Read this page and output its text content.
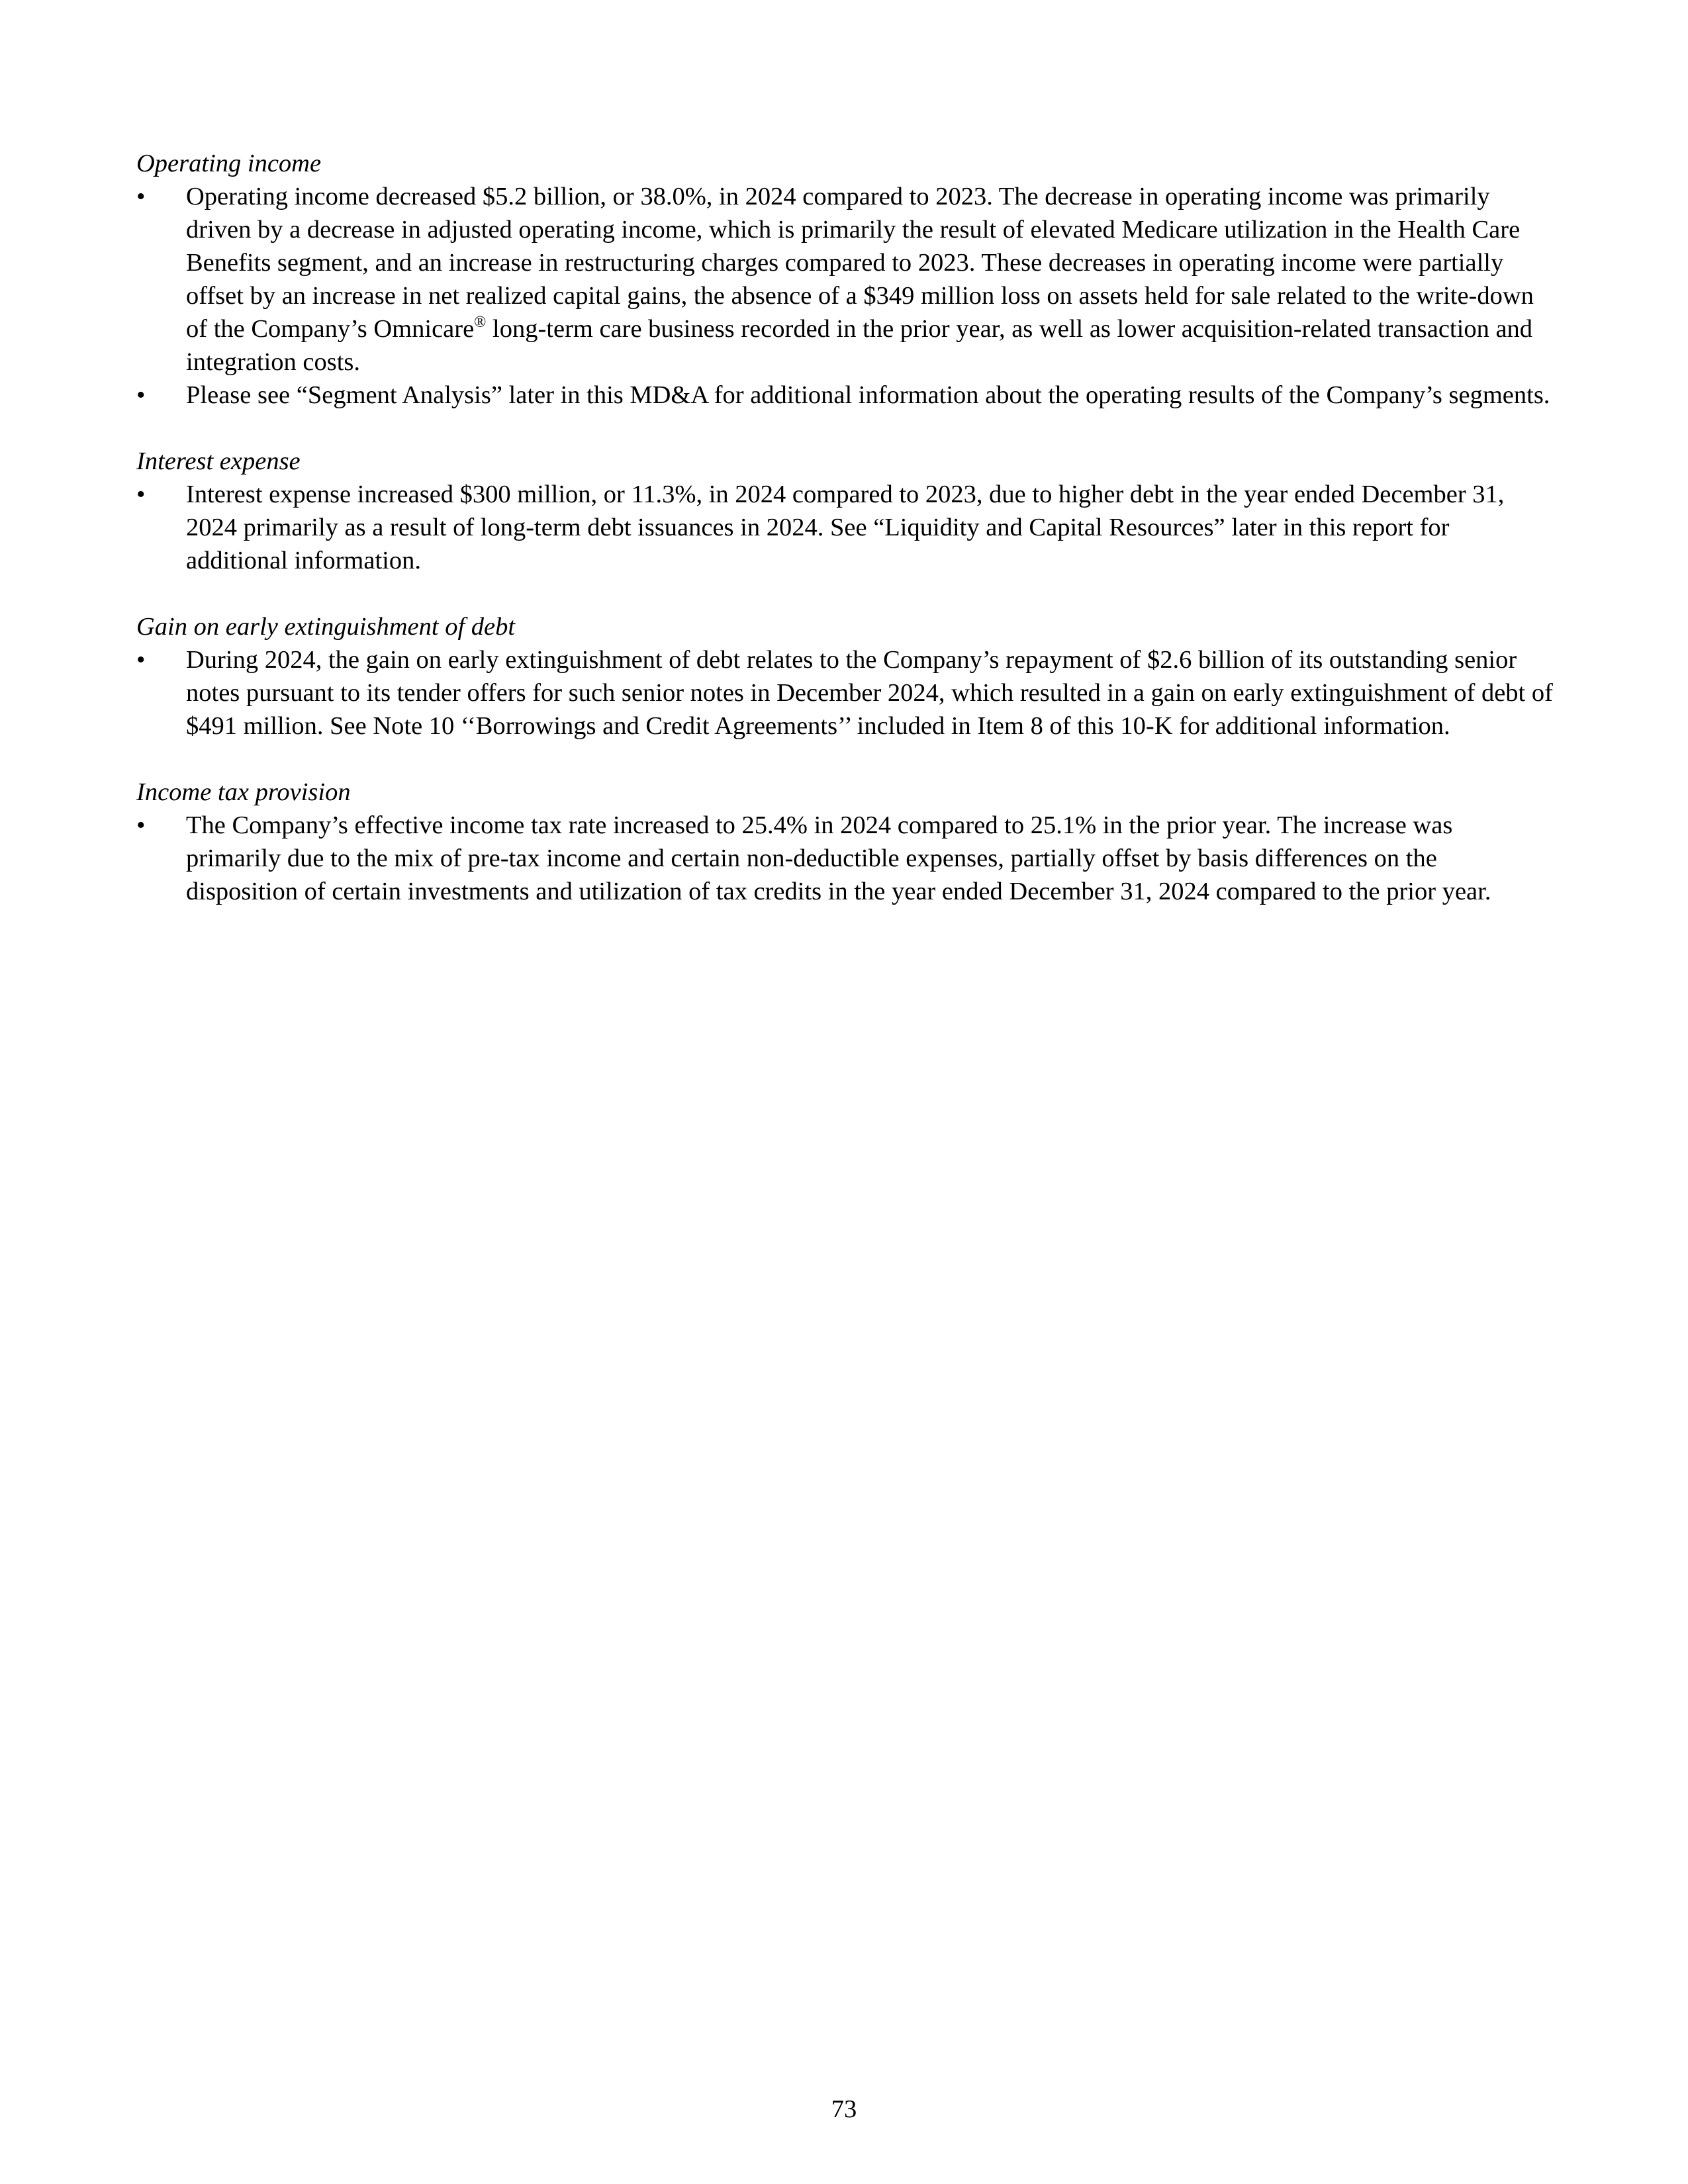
Operating income

• Operating income decreased $5.2 billion, or 38.0%, in 2024 compared to 2023. The decrease in operating income was primarily driven by a decrease in adjusted operating income, which is primarily the result of elevated Medicare utilization in the Health Care Benefits segment, and an increase in restructuring charges compared to 2023. These decreases in operating income were partially offset by an increase in net realized capital gains, the absence of a $349 million loss on assets held for sale related to the write-down of the Company’s Omnicare® long-term care business recorded in the prior year, as well as lower acquisition-related transaction and integration costs.
• Please see “Segment Analysis” later in this MD&A for additional information about the operating results of the Company’s segments.

Interest expense

• Interest expense increased $300 million, or 11.3%, in 2024 compared to 2023, due to higher debt in the year ended December 31, 2024 primarily as a result of long-term debt issuances in 2024. See “Liquidity and Capital Resources” later in this report for additional information.

Gain on early extinguishment of debt

• During 2024, the gain on early extinguishment of debt relates to the Company’s repayment of $2.6 billion of its outstanding senior notes pursuant to its tender offers for such senior notes in December 2024, which resulted in a gain on early extinguishment of debt of $491 million. See Note 10 ‘‘Borrowings and Credit Agreements’’ included in Item 8 of this 10-K for additional information.

Income tax provision

• The Company’s effective income tax rate increased to 25.4% in 2024 compared to 25.1% in the prior year. The increase was primarily due to the mix of pre-tax income and certain non-deductible expenses, partially offset by basis differences on the disposition of certain investments and utilization of tax credits in the year ended December 31, 2024 compared to the prior year.
73
